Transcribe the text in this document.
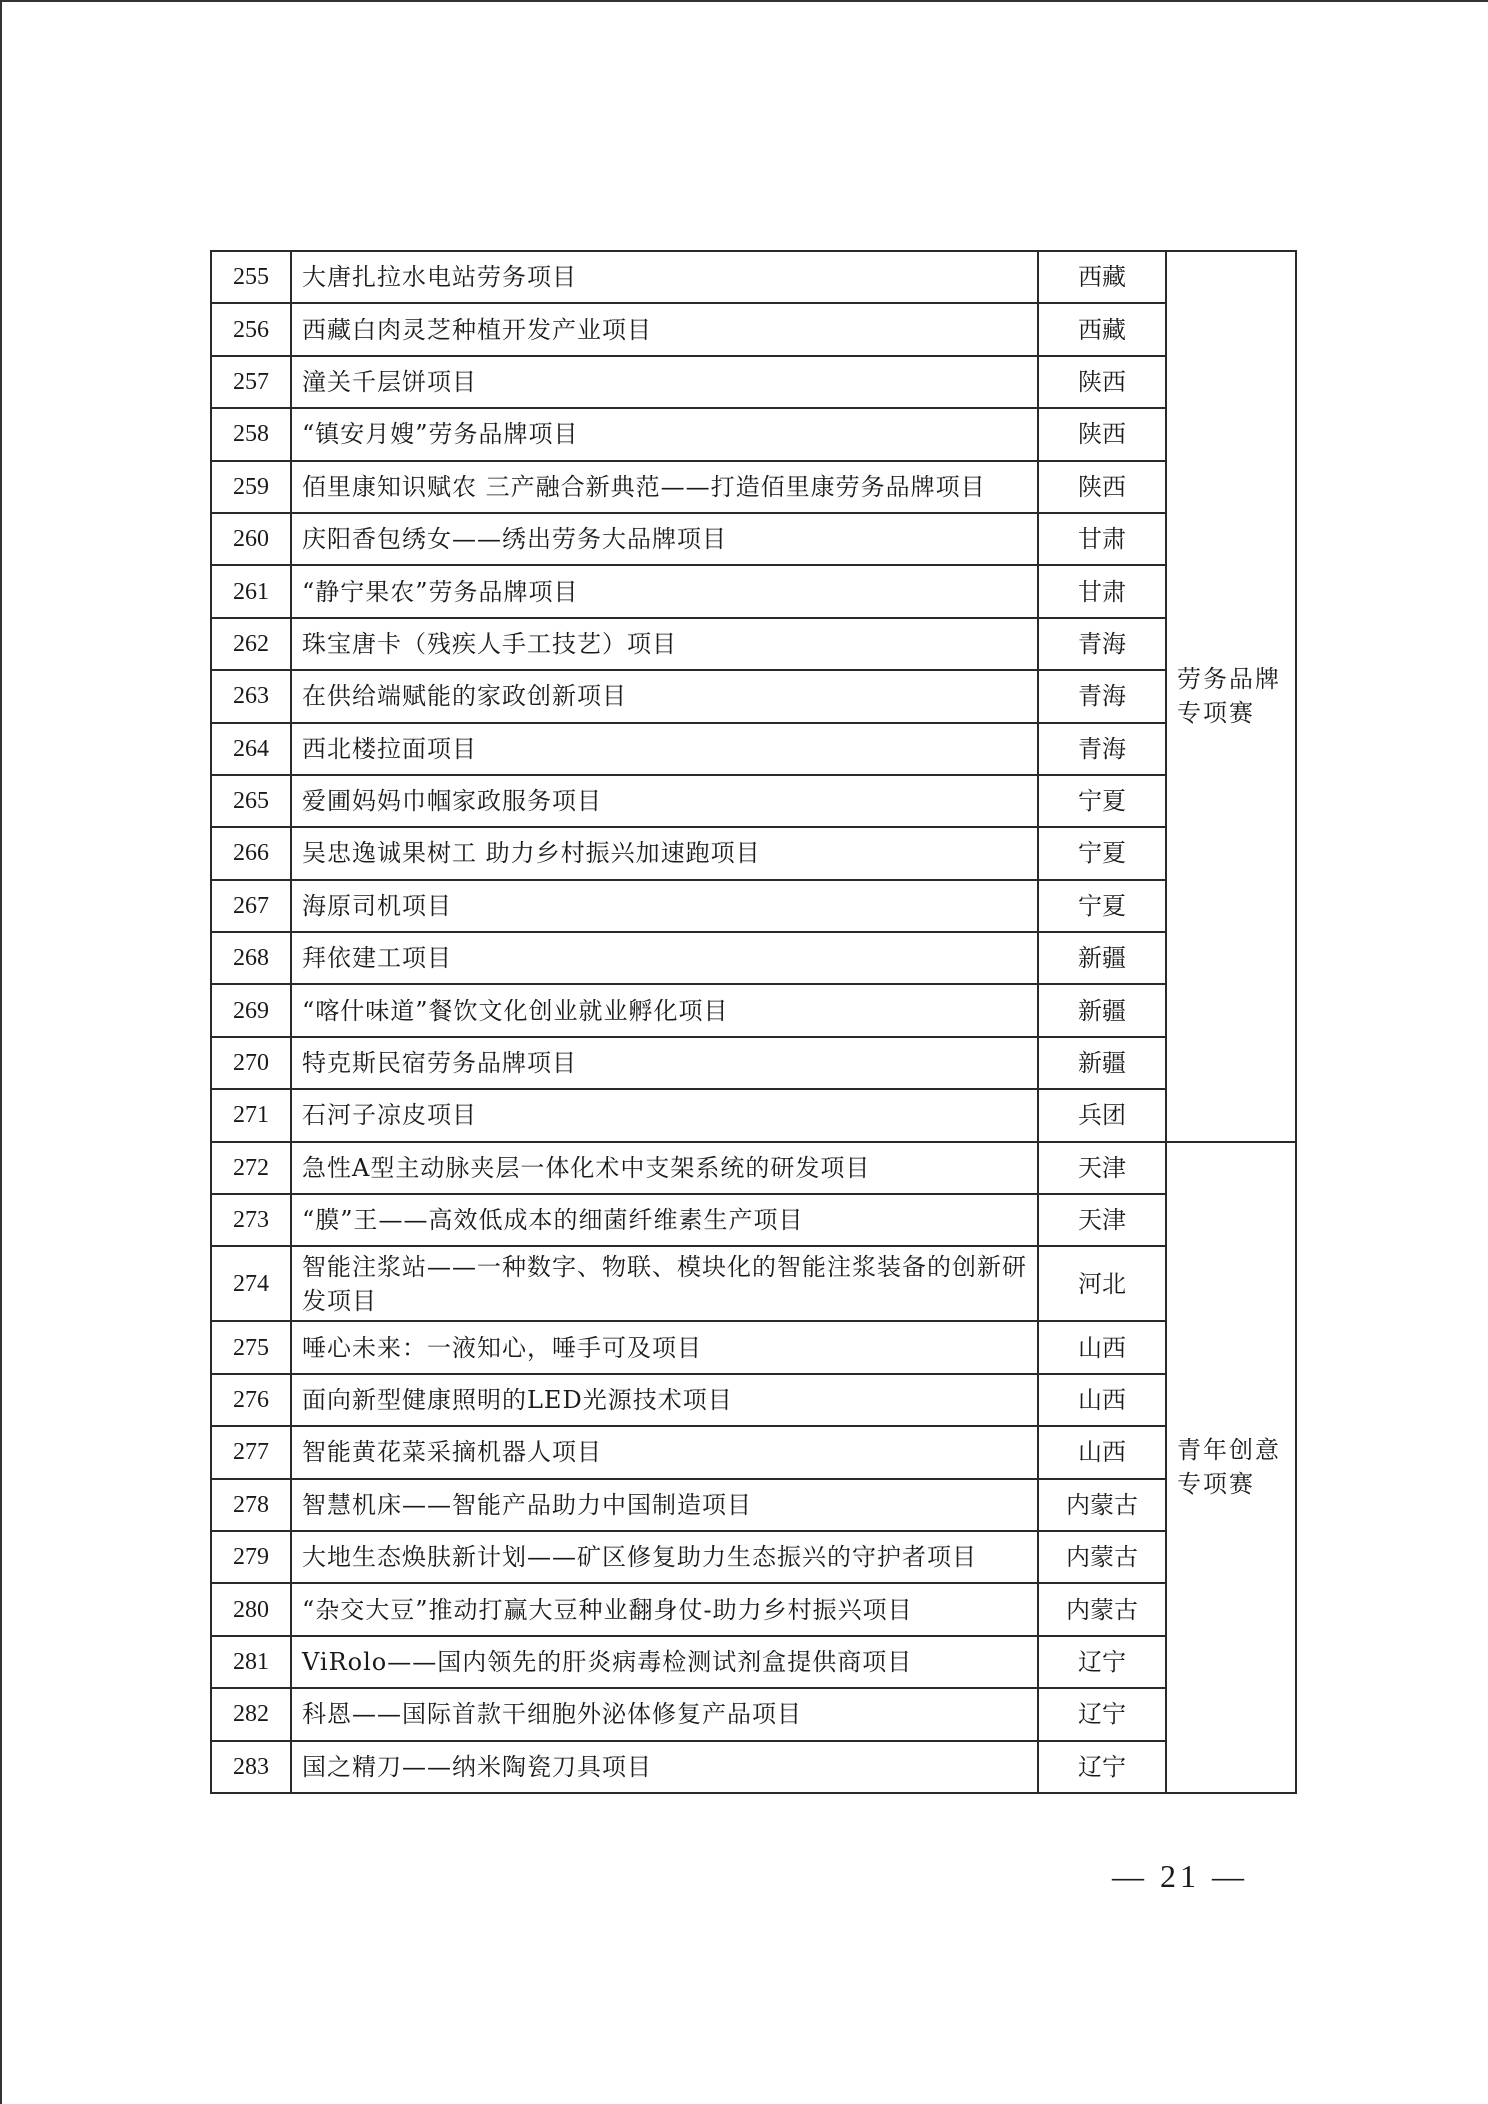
255	大唐扎拉水电站劳务项目	西藏	劳务品牌专项赛
256	西藏白肉灵芝种植开发产业项目	西藏	
257	潼关千层饼项目	陕西	
258	“镇安月嫂”劳务品牌项目	陕西	
259	佰里康知识赋农 三产融合新典范——打造佰里康劳务品牌项目	陕西	
260	庆阳香包绣女——绣出劳务大品牌项目	甘肃	
261	“静宁果农”劳务品牌项目	甘肃	
262	珠宝唐卡（残疾人手工技艺）项目	青海	
263	在供给端赋能的家政创新项目	青海	
264	西北楼拉面项目	青海	
265	爱圃妈妈巾帼家政服务项目	宁夏	
266	吴忠逸诚果树工 助力乡村振兴加速跑项目	宁夏	
267	海原司机项目	宁夏	
268	拜依建工项目	新疆	
269	“喀什味道”餐饮文化创业就业孵化项目	新疆	
270	特克斯民宿劳务品牌项目	新疆	
271	石河子凉皮项目	兵团	
272	急性A型主动脉夹层一体化术中支架系统的研发项目	天津	青年创意专项赛
273	“膜”王——高效低成本的细菌纤维素生产项目	天津	
274	智能注浆站——一种数字、物联、模块化的智能注浆装备的创新研发项目	河北	
275	唾心未来：一液知心，唾手可及项目	山西	
276	面向新型健康照明的LED光源技术项目	山西	
277	智能黄花菜采摘机器人项目	山西	
278	智慧机床——智能产品助力中国制造项目	内蒙古	
279	大地生态焕肤新计划——矿区修复助力生态振兴的守护者项目	内蒙古	
280	“杂交大豆”推动打赢大豆种业翻身仗-助力乡村振兴项目	内蒙古	
281	ViRolo——国内领先的肝炎病毒检测试剂盒提供商项目	辽宁	
282	科恩——国际首款干细胞外泌体修复产品项目	辽宁	
283	国之精刀——纳米陶瓷刀具项目	辽宁	
— 21 —
